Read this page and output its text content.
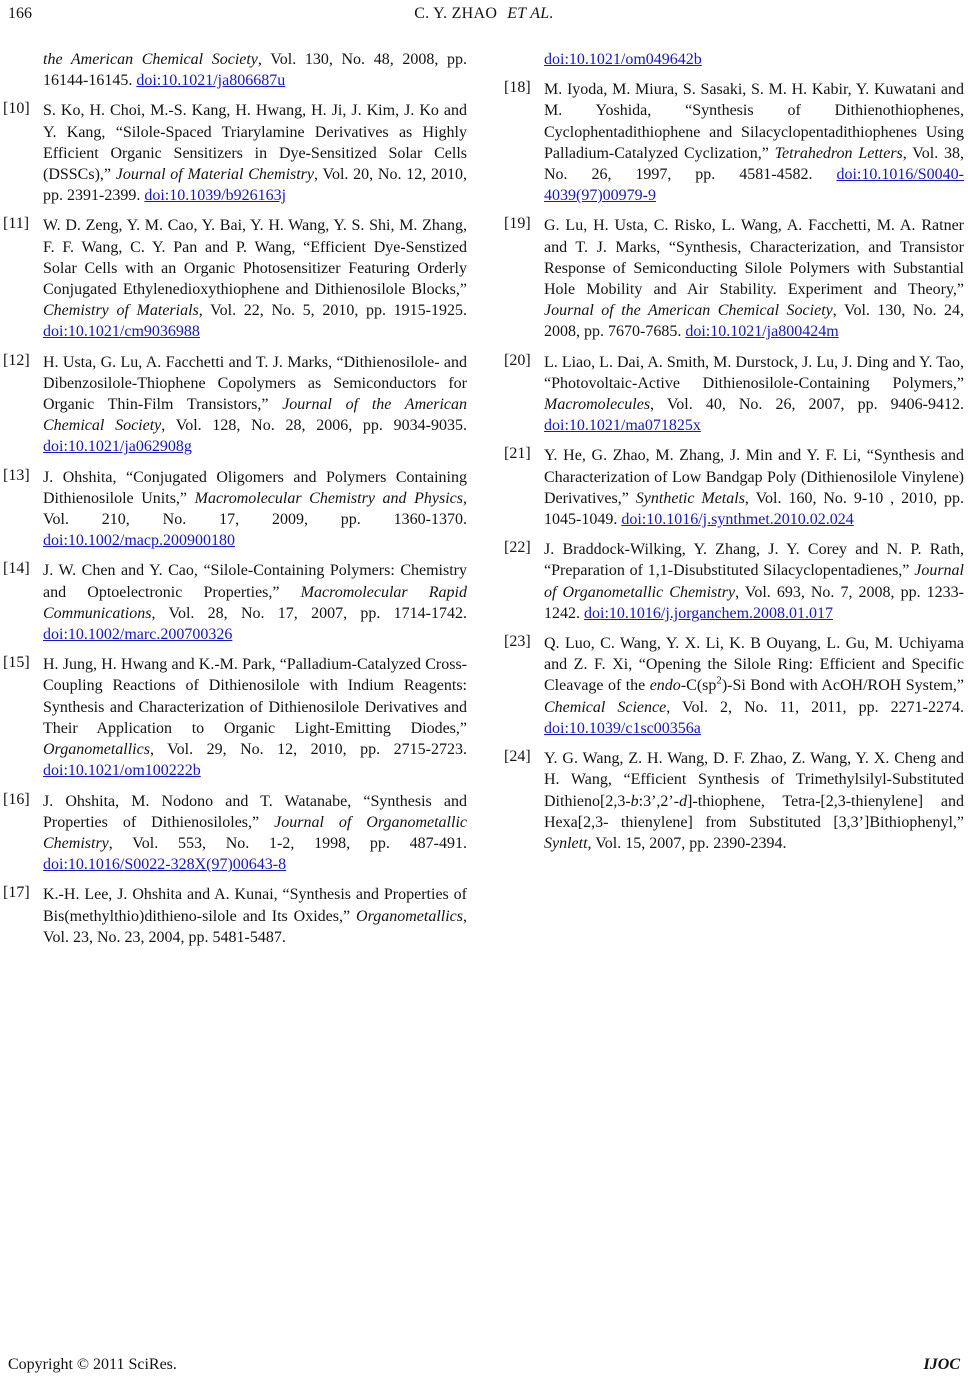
166	C. Y. ZHAO ET AL.
the American Chemical Society, Vol. 130, No. 48, 2008, pp. 16144-16145. doi:10.1021/ja806687u
[10] S. Ko, H. Choi, M.-S. Kang, H. Hwang, H. Ji, J. Kim, J. Ko and Y. Kang, “Silole-Spaced Triarylamine Derivatives as Highly Efficient Organic Sensitizers in Dye-Sensitized Solar Cells (DSSCs),” Journal of Material Chemistry, Vol. 20, No. 12, 2010, pp. 2391-2399. doi:10.1039/b926163j
[11] W. D. Zeng, Y. M. Cao, Y. Bai, Y. H. Wang, Y. S. Shi, M. Zhang, F. F. Wang, C. Y. Pan and P. Wang, “Efficient Dye-Senstized Solar Cells with an Organic Photosensitizer Featuring Orderly Conjugated Ethylenedioxythiophene and Dithienosilole Blocks,” Chemistry of Materials, Vol. 22, No. 5, 2010, pp. 1915-1925. doi:10.1021/cm9036988
[12] H. Usta, G. Lu, A. Facchetti and T. J. Marks, “Dithienosilole- and Dibenzosilole-Thiophene Copolymers as Semiconductors for Organic Thin-Film Transistors,” Journal of the American Chemical Society, Vol. 128, No. 28, 2006, pp. 9034-9035. doi:10.1021/ja062908g
[13] J. Ohshita, “Conjugated Oligomers and Polymers Containing Dithienosilole Units,” Macromolecular Chemistry and Physics, Vol. 210, No. 17, 2009, pp. 1360-1370. doi:10.1002/macp.200900180
[14] J. W. Chen and Y. Cao, “Silole-Containing Polymers: Chemistry and Optoelectronic Properties,” Macromolecular Rapid Communications, Vol. 28, No. 17, 2007, pp. 1714-1742. doi:10.1002/marc.200700326
[15] H. Jung, H. Hwang and K.-M. Park, “Palladium-Catalyzed Cross-Coupling Reactions of Dithienosilole with Indium Reagents: Synthesis and Characterization of Dithienosilole Derivatives and Their Application to Organic Light-Emitting Diodes,” Organometallics, Vol. 29, No. 12, 2010, pp. 2715-2723. doi:10.1021/om100222b
[16] J. Ohshita, M. Nodono and T. Watanabe, “Synthesis and Properties of Dithienosiloles,” Journal of Organometallic Chemistry, Vol. 553, No. 1-2, 1998, pp. 487-491. doi:10.1016/S0022-328X(97)00643-8
[17] K.-H. Lee, J. Ohshita and A. Kunai, “Synthesis and Properties of Bis(methylthio)dithieno-silole and Its Oxides,” Organometallics, Vol. 23, No. 23, 2004, pp. 5481-5487.
doi:10.1021/om049642b
[18] M. Iyoda, M. Miura, S. Sasaki, S. M. H. Kabir, Y. Kuwatani and M. Yoshida, “Synthesis of Dithienothiophenes, Cyclophentadithiophene and Silacyclopentadithiophenes Using Palladium-Catalyzed Cyclization,” Tetrahedron Letters, Vol. 38, No. 26, 1997, pp. 4581-4582. doi:10.1016/S0040-4039(97)00979-9
[19] G. Lu, H. Usta, C. Risko, L. Wang, A. Facchetti, M. A. Ratner and T. J. Marks, “Synthesis, Characterization, and Transistor Response of Semiconducting Silole Polymers with Substantial Hole Mobility and Air Stability. Experiment and Theory,” Journal of the American Chemical Society, Vol. 130, No. 24, 2008, pp. 7670-7685. doi:10.1021/ja800424m
[20] L. Liao, L. Dai, A. Smith, M. Durstock, J. Lu, J. Ding and Y. Tao, “Photovoltaic-Active Dithienosilole-Containing Polymers,” Macromolecules, Vol. 40, No. 26, 2007, pp. 9406-9412. doi:10.1021/ma071825x
[21] Y. He, G. Zhao, M. Zhang, J. Min and Y. F. Li, “Synthesis and Characterization of Low Bandgap Poly (Dithienosilole Vinylene) Derivatives,” Synthetic Metals, Vol. 160, No. 9-10 , 2010, pp. 1045-1049. doi:10.1016/j.synthmet.2010.02.024
[22] J. Braddock-Wilking, Y. Zhang, J. Y. Corey and N. P. Rath, “Preparation of 1,1-Disubstituted Silacyclopentadienes,” Journal of Organometallic Chemistry, Vol. 693, No. 7, 2008, pp. 1233-1242. doi:10.1016/j.jorganchem.2008.01.017
[23] Q. Luo, C. Wang, Y. X. Li, K. B Ouyang, L. Gu, M. Uchiyama and Z. F. Xi, “Opening the Silole Ring: Efficient and Specific Cleavage of the endo-$C(sp^2)-Si$ Bond with AcOH/ROH System,” Chemical Science, Vol. 2, No. 11, 2011, pp. 2271-2274. doi:10.1039/c1sc00356a
[24] Y. G. Wang, Z. H. Wang, D. F. Zhao, Z. Wang, Y. X. Cheng and H. Wang, “Efficient Synthesis of Trimethylsilyl-Substituted Dithieno[2,3-b:3’,2’-d]-thiophene, Tetra-[2,3-thienylene] and Hexa[2,3- thienylene] from Substituted [3,3’]Bithiophenyl,” Synlett, Vol. 15, 2007, pp. 2390-2394.
Copyright © 2011 SciRes.	IJOC
